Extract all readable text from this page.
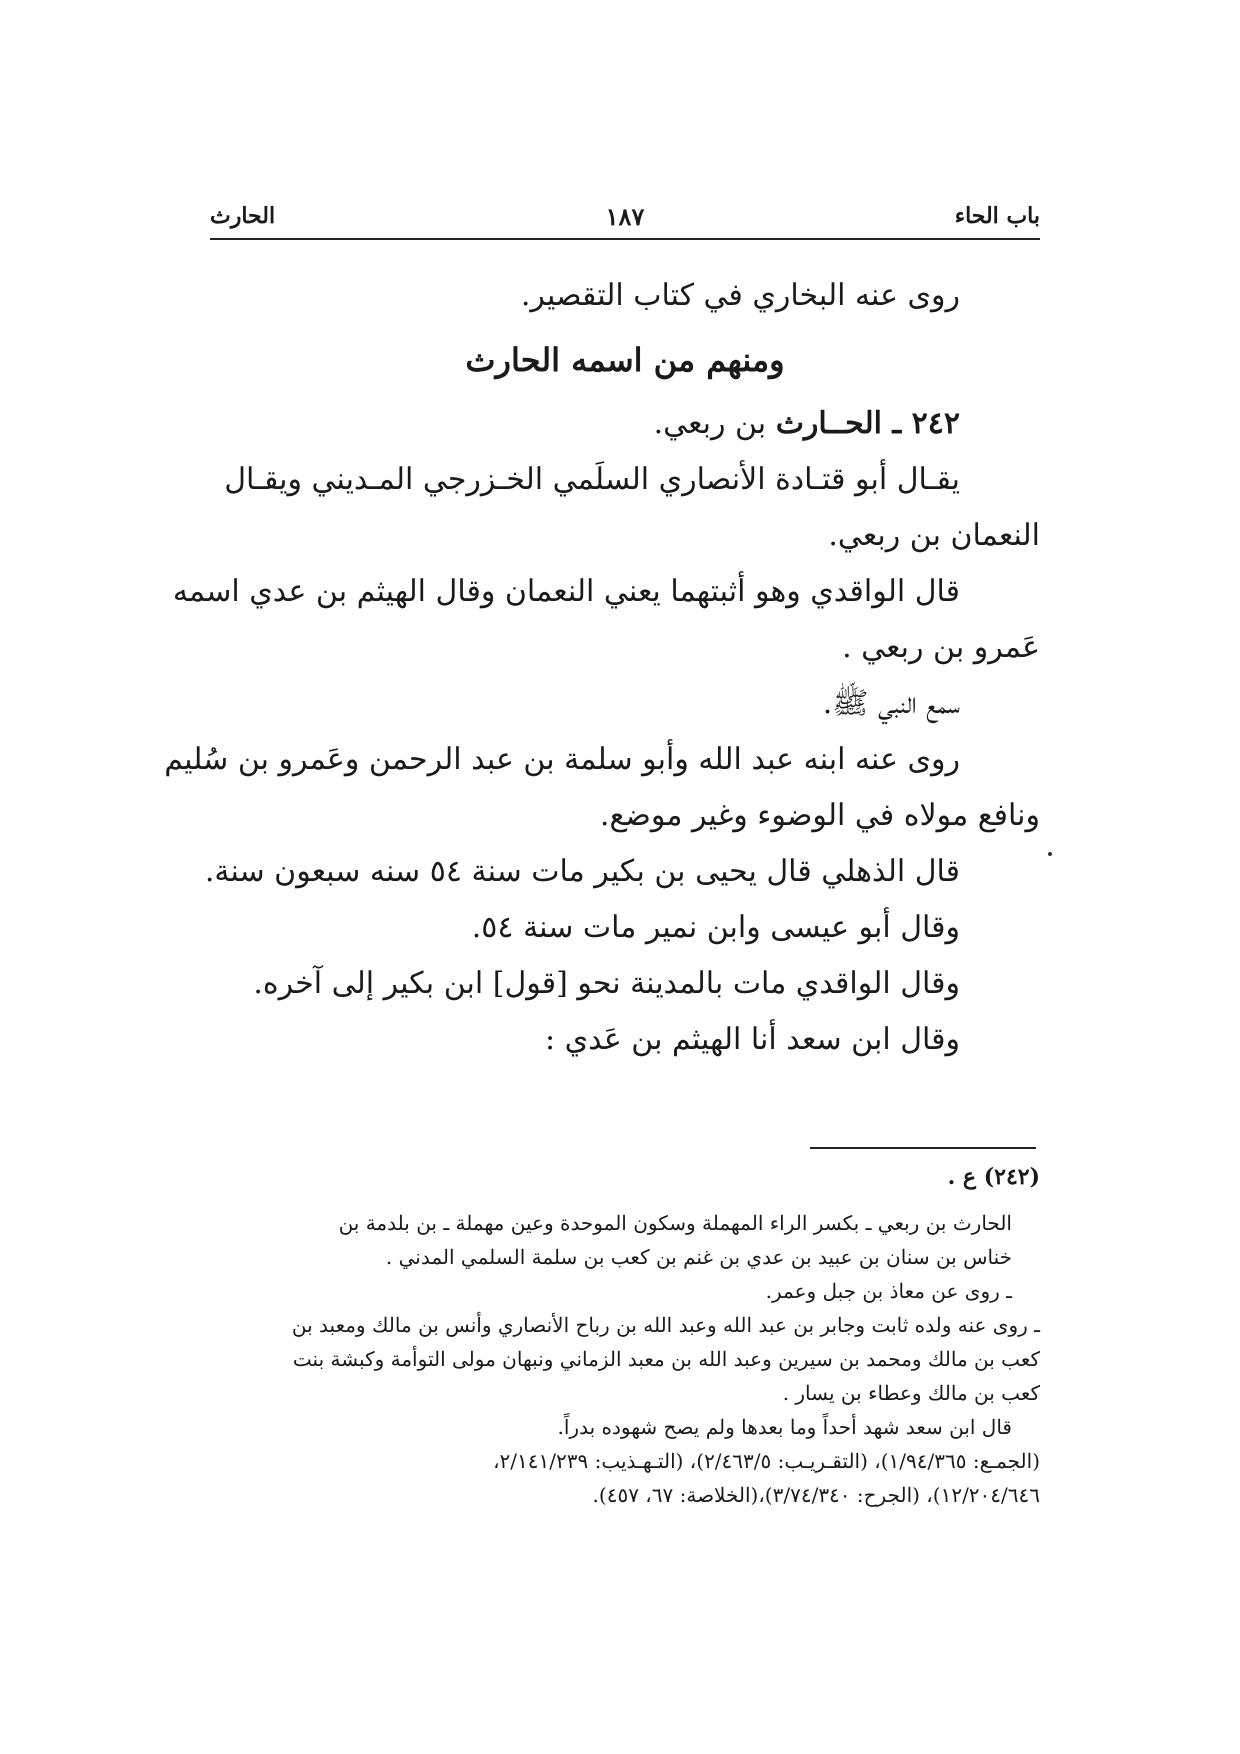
باب الحاء
١٨٧
الحارث
روى عنه البخاري في كتاب التقصير.
ومنهم من اسمه الحارث
٢٤٢ ـ الحــارث بن ربعي.
يقـال أبو قتـادة الأنصاري السلَمي الخـزرجي المـديني ويقـال
النعمان بن ربعي.
قال الواقدي وهو أثبتهما يعني النعمان وقال الهيثم بن عدي اسمه
عَمرو بن ربعي .
سمع النبي ﷺ.
روى عنه ابنه عبد الله وأبو سلمة بن عبد الرحمن وعَمرو بن سُليم
ونافع مولاه في الوضوء وغير موضع.
قال الذهلي قال يحيى بن بكير مات سنة ٥٤ سنه سبعون سنة.
وقال أبو عيسى وابن نمير مات سنة ٥٤.
وقال الواقدي مات بالمدينة نحو [قول] ابن بكير إلى آخره.
وقال ابن سعد أنا الهيثم بن عَدي :
(٢٤٢) ع .
الحارث بن ربعي ـ بكسر الراء المهملة وسكون الموحدة وعين مهملة ـ بن بلدمة بن
خناس بن سنان بن عبيد بن عدي بن غنم بن كعب بن سلمة السلمي المدني .
ـ روى عن معاذ بن جبل وعمر.
ـ روى عنه ولده ثابت وجابر بن عبد الله وعبد الله بن رباح الأنصاري وأنس بن مالك ومعبد بن
كعب بن مالك ومحمد بن سيرين وعبد الله بن معبد الزماني ونبهان مولى التوأمة وكبشة بنت
كعب بن مالك وعطاء بن يسار .
قال ابن سعد شهد أحداً وما بعدها ولم يصح شهوده بدراً.
(الجمـع: ١/٩٤/٣٦٥)، (التقـريـب: ٢/٤٦٣/٥)، (التـهـذيب: ٢/١٤١/٢٣٩،
١٢/٢٠٤/٦٤٦)، (الجرح: ٣/٧٤/٣٤٠)،(الخلاصة: ٦٧، ٤٥٧).
